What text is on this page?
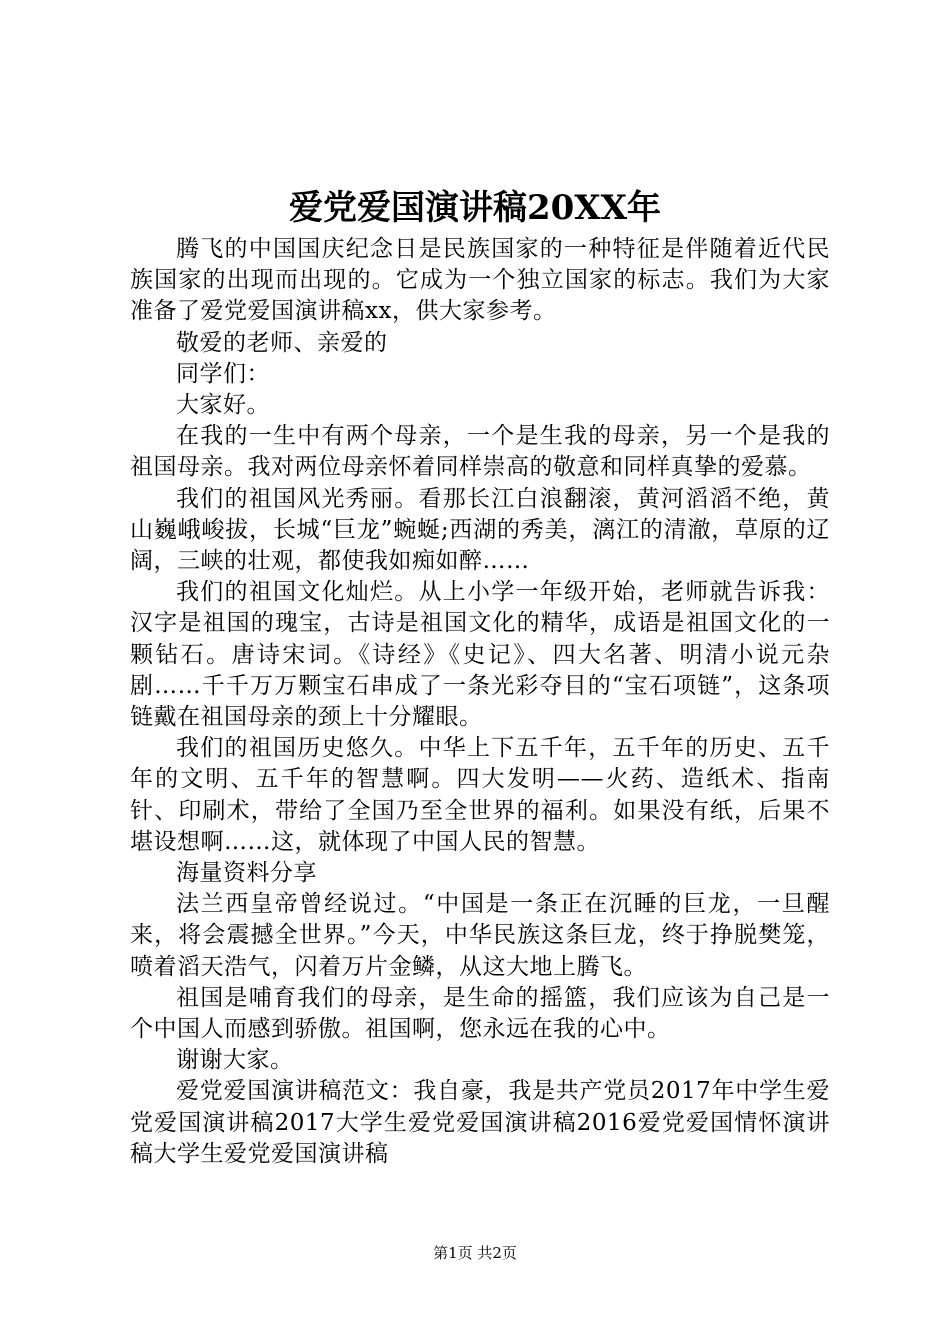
爱党爱国演讲稿20XX年

腾飞的中国国庆纪念日是民族国家的一种特征是伴随着近代民族国家的出现而出现的。它成为一个独立国家的标志。我们为大家准备了爱党爱国演讲稿xx，供大家参考。

敬爱的老师、亲爱的

同学们：

大家好。

在我的一生中有两个母亲，一个是生我的母亲，另一个是我的祖国母亲。我对两位母亲怀着同样崇高的敬意和同样真挚的爱慕。

我们的祖国风光秀丽。看那长江白浪翻滚，黄河滔滔不绝，黄山巍峨峻拔，长城“巨龙”蜿蜒;西湖的秀美，漓江的清澈，草原的辽阔，三峡的壮观，都使我如痴如醉……

我们的祖国文化灿烂。从上小学一年级开始，老师就告诉我：汉字是祖国的瑰宝，古诗是祖国文化的精华，成语是祖国文化的一颗钻石。唐诗宋词。《诗经》《史记》、四大名著、明清小说元杂剧……千千万万颗宝石串成了一条光彩夺目的“宝石项链”，这条项链戴在祖国母亲的颈上十分耀眼。

我们的祖国历史悠久。中华上下五千年，五千年的历史、五千年的文明、五千年的智慧啊。四大发明——火药、造纸术、指南针、印刷术，带给了全国乃至全世界的福利。如果没有纸，后果不堪设想啊……这，就体现了中国人民的智慧。

海量资料分享

法兰西皇帝曾经说过。“中国是一条正在沉睡的巨龙，一旦醒来，将会震撼全世界。”今天，中华民族这条巨龙，终于挣脱樊笼，喷着滔天浩气，闪着万片金鳞，从这大地上腾飞。

祖国是哺育我们的母亲，是生命的摇篮，我们应该为自己是一个中国人而感到骄傲。祖国啊，您永远在我的心中。

谢谢大家。

爱党爱国演讲稿范文：我自豪，我是共产党员2017年中学生爱党爱国演讲稿2017大学生爱党爱国演讲稿2016爱党爱国情怀演讲稿大学生爱党爱国演讲稿

第1页 共2页
